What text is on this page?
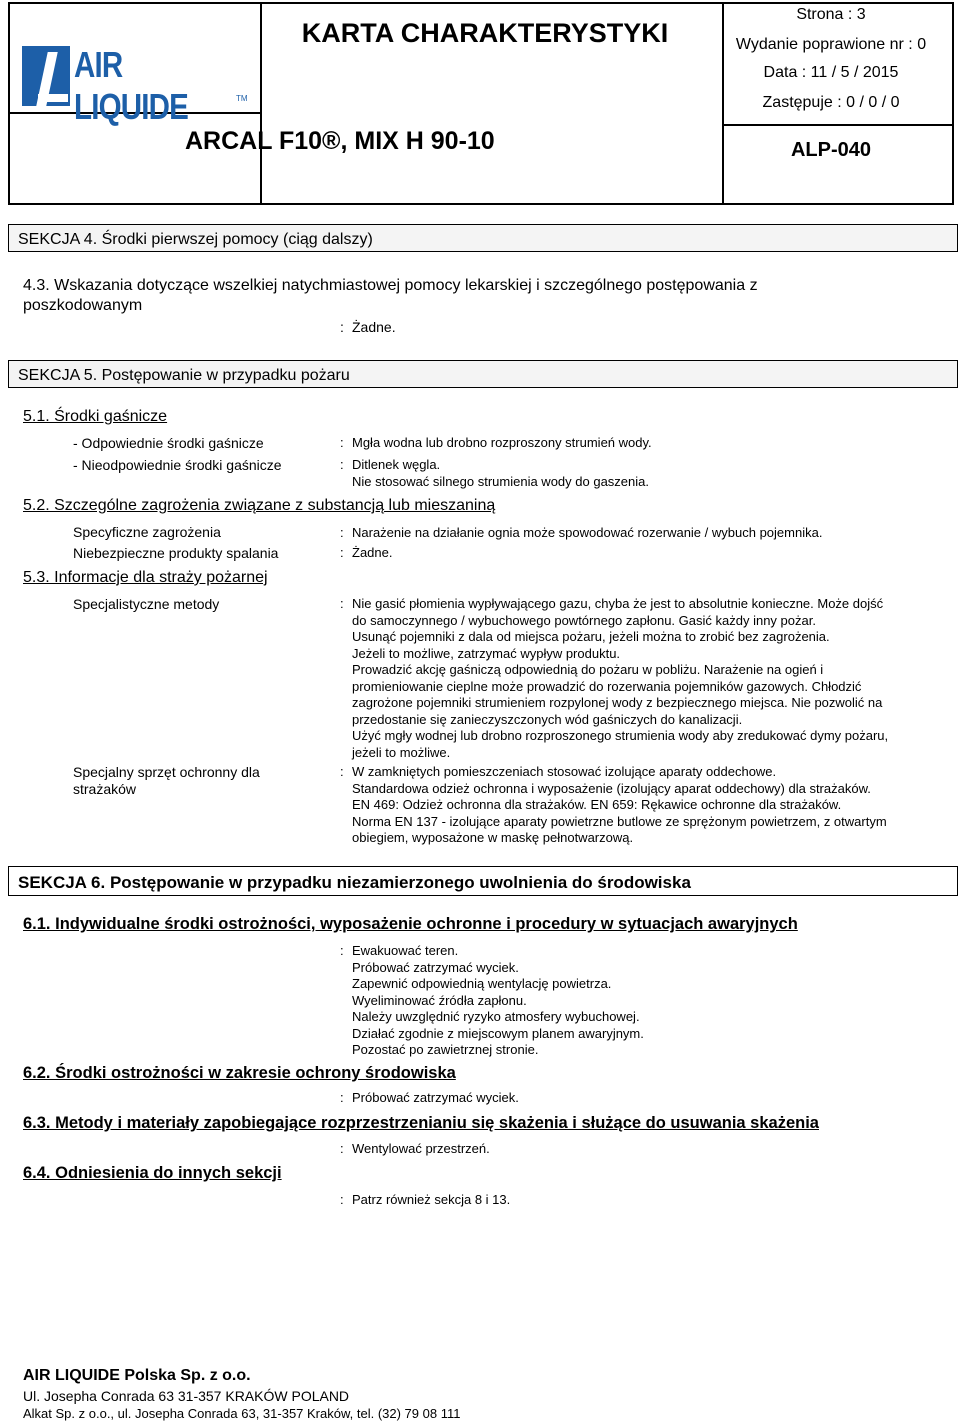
AIR LIQUIDE	TM
KARTA CHARAKTERYSTYKI
Strona : 3
Wydanie poprawione nr : 0
Data : 11 / 5 / 2015
Zastępuje : 0 / 0 / 0
ARCAL F10®, MIX H 90-10	ALP-040
SEKCJA 4. Środki pierwszej pomocy (ciąg dalszy)
4.3. Wskazania dotyczące wszelkiej natychmiastowej pomocy lekarskiej i szczególnego postępowania z
poszkodowanym
: Żadne.
SEKCJA 5. Postępowanie w przypadku pożaru
5.1. Środki gaśnicze
- Odpowiednie środki gaśnicze	: Mgła wodna lub drobno rozproszony strumień wody.
- Nieodpowiednie środki gaśnicze	: Ditlenek węgla.
Nie stosować silnego strumienia wody do gaszenia.
5.2. Szczególne zagrożenia związane z substancją lub mieszaniną
Specyficzne zagrożenia	: Narażenie na działanie ognia może spowodować rozerwanie / wybuch pojemnika.
Niebezpieczne produkty spalania	: Żadne.
5.3. Informacje dla straży pożarnej
Specjalistyczne metody	: Nie gasić płomienia wypływającego gazu, chyba że jest to absolutnie konieczne. Może dojść
do samoczynnego / wybuchowego powtórnego zapłonu. Gasić każdy inny pożar.
Usunąć pojemniki z dala od miejsca pożaru, jeżeli można to zrobić bez zagrożenia.
Jeżeli to możliwe, zatrzymać wypływ produktu.
Prowadzić akcję gaśniczą odpowiednią do pożaru w pobliżu. Narażenie na ogień i
promieniowanie cieplne może prowadzić do rozerwania pojemników gazowych. Chłodzić
zagrożone pojemniki strumieniem rozpylonej wody z bezpiecznego miejsca. Nie pozwolić na
przedostanie się zanieczyszczonych wód gaśniczych do kanalizacji.
Użyć mgły wodnej lub drobno rozproszonego strumienia wody aby zredukować dymy pożaru,
jeżeli to możliwe.
Specjalny sprzęt ochronny dla
strażaków
: W zamkniętych pomieszczeniach stosować izolujące aparaty oddechowe.
Standardowa odzież ochronna i wyposażenie (izolujący aparat oddechowy) dla strażaków.
EN 469: Odzież ochronna dla strażaków. EN 659: Rękawice ochronne dla strażaków.
Norma EN 137 - izolujące aparaty powietrzne butlowe ze sprężonym powietrzem, z otwartym
obiegiem, wyposażone w maskę pełnotwarzową.
SEKCJA 6. Postępowanie w przypadku niezamierzonego uwolnienia do środowiska
6.1. Indywidualne środki ostrożności, wyposażenie ochronne i procedury w sytuacjach awaryjnych
: Ewakuować teren.
Próbować zatrzymać wyciek.
Zapewnić odpowiednią wentylację powietrza.
Wyeliminować źródła zapłonu.
Należy uwzględnić ryzyko atmosfery wybuchowej.
Działać zgodnie z miejscowym planem awaryjnym.
Pozostać po zawietrznej stronie.
6.2. Środki ostrożności w zakresie ochrony środowiska
: Próbować zatrzymać wyciek.
6.3. Metody i materiały zapobiegające rozprzestrzenianiu się skażenia i służące do usuwania skażenia
: Wentylować przestrzeń.
6.4. Odniesienia do innych sekcji
: Patrz również sekcja 8 i 13.
AIR LIQUIDE Polska Sp. z o.o.
Ul. Josepha Conrada 63 31-357 KRAKÓW POLAND
Alkat Sp. z o.o., ul. Josepha Conrada 63, 31-357 Kraków, tel. (32) 79 08 111
